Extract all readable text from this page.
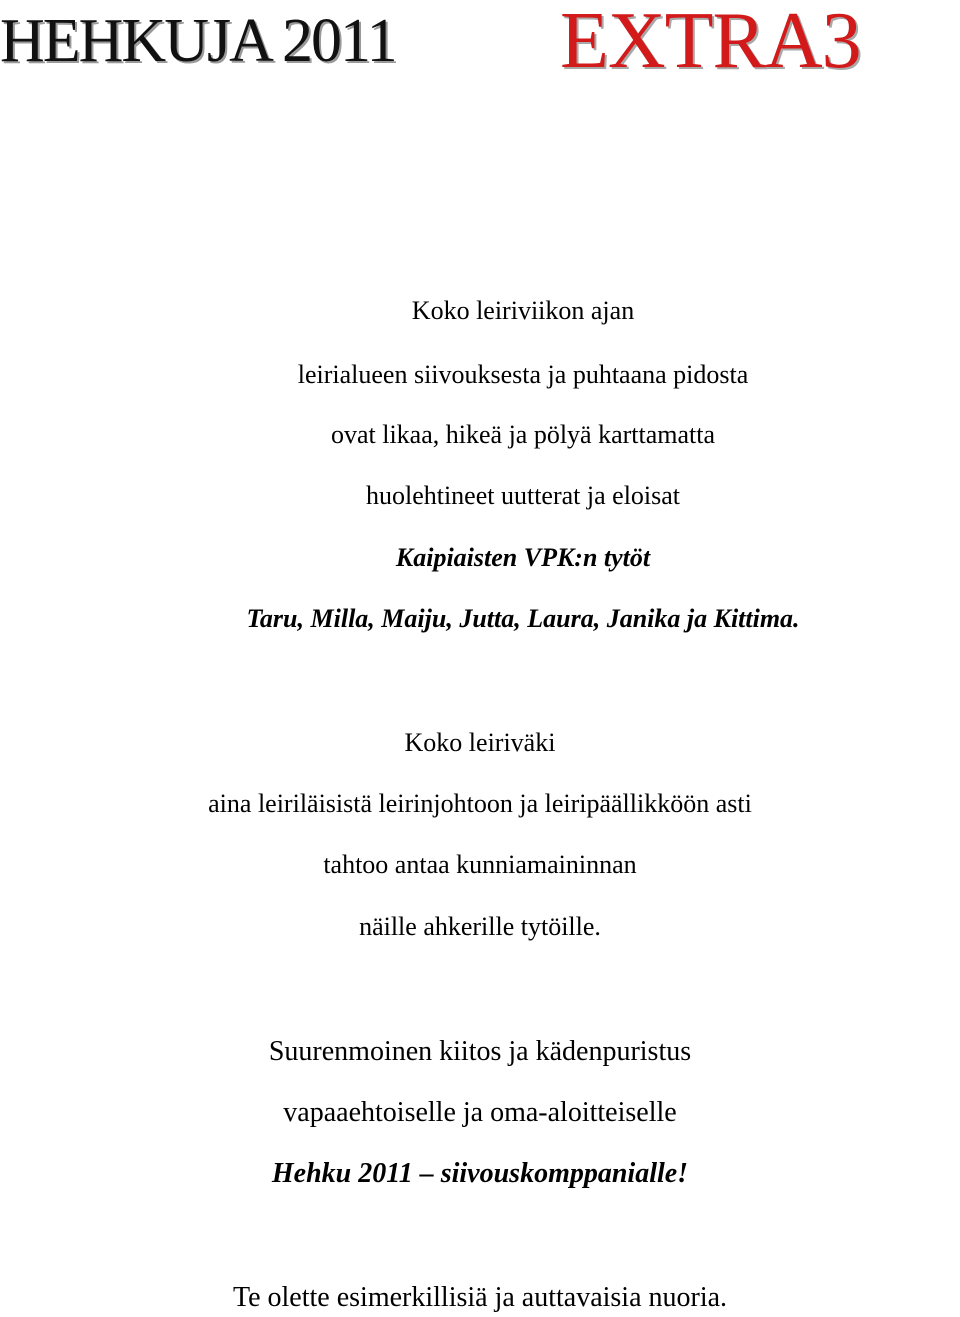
HEHKUJA 2011 EXTRA3
Koko leiriviikon ajan
leirialueen siivouksesta ja puhtaana pidosta
ovat likaa, hikeä ja pölyä karttamatta
huolehtineet uutterat ja eloisat
Kaipiaisten VPK:n tytöt
Taru, Milla, Maiju, Jutta, Laura, Janika ja Kittima.
Koko leiriväki
aina leiriläisistä leirinjohtoon ja leiripäällikköön asti
tahtoo antaa kunniamaininnan
näille ahkerille tytöille.
Suurenmoinen kiitos ja kädenpuristus
vapaaehtoiselle ja oma-aloitteiselle
Hehku 2011 – siivouskomppanialle!
Te olette esimerkillisiä ja auttavaisia nuoria.
